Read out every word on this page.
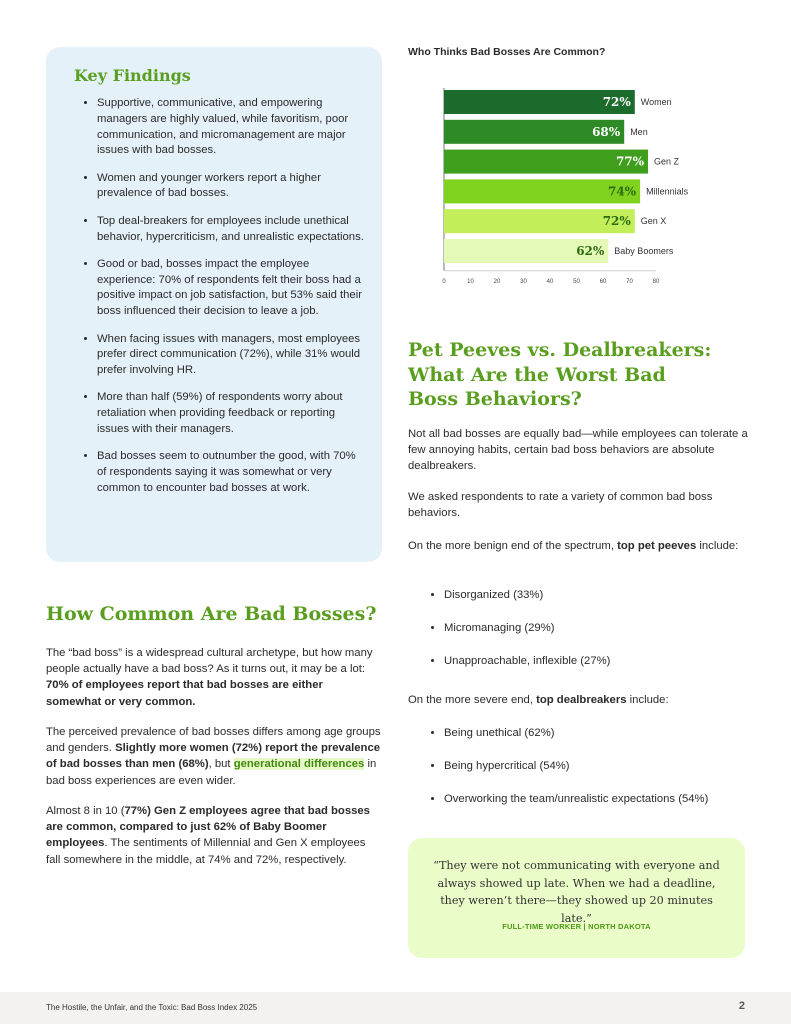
Key Findings
• Supportive, communicative, and empowering managers are highly valued, while favoritism, poor communication, and micromanagement are major issues with bad bosses.
• Women and younger workers report a higher prevalence of bad bosses.
• Top deal-breakers for employees include unethical behavior, hypercriticism, and unrealistic expectations.
• Good or bad, bosses impact the employee experience: 70% of respondents felt their boss had a positive impact on job satisfaction, but 53% said their boss influenced their decision to leave a job.
• When facing issues with managers, most employees prefer direct communication (72%), while 31% would prefer involving HR.
• More than half (59%) of respondents worry about retaliation when providing feedback or reporting issues with their managers.
• Bad bosses seem to outnumber the good, with 70% of respondents saying it was somewhat or very common to encounter bad bosses at work.
How Common Are Bad Bosses?

The “bad boss” is a widespread cultural archetype, but how many people actually have a bad boss? As it turns out, it may be a lot: 70% of employees report that bad bosses are either somewhat or very common.

The perceived prevalence of bad bosses differs among age groups and genders. Slightly more women (72%) report the prevalence of bad bosses than men (68%), but generational differences in bad boss experiences are even wider.

Almost 8 in 10 (77%) Gen Z employees agree that bad bosses are common, compared to just 62% of Baby Boomer employees. The sentiments of Millennial and Gen X employees fall somewhere in the middle, at 74% and 72%, respectively.

Who Thinks Bad Bosses Are Common?
0	10	20	30	40	50	60	70	80
72% Women
68% Men
77% Gen Z
74% Millennials
72% Gen X
62% Baby Boomers
Pet Peeves vs. Dealbreakers:
What Are the Worst Bad
Boss Behaviors?

Not all bad bosses are equally bad—while employees can tolerate a few annoying habits, certain bad boss behaviors are absolute dealbreakers.

We asked respondents to rate a variety of common bad boss behaviors.

On the more benign end of the spectrum, top pet peeves include:

• Disorganized (33%)
• Micromanaging (29%)
• Unapproachable, inflexible (27%)

On the more severe end, top dealbreakers include:

• Being unethical (62%)
• Being hypercritical (54%)
• Overworking the team/unrealistic expectations (54%)

“They were not communicating with everyone and always showed up late. When we had a deadline, they weren’t there—they showed up 20 minutes late.”

FULL-TIME WORKER | NORTH DAKOTA
The Hostile, the Unfair, and the Toxic: Bad Boss Index 2025	2
